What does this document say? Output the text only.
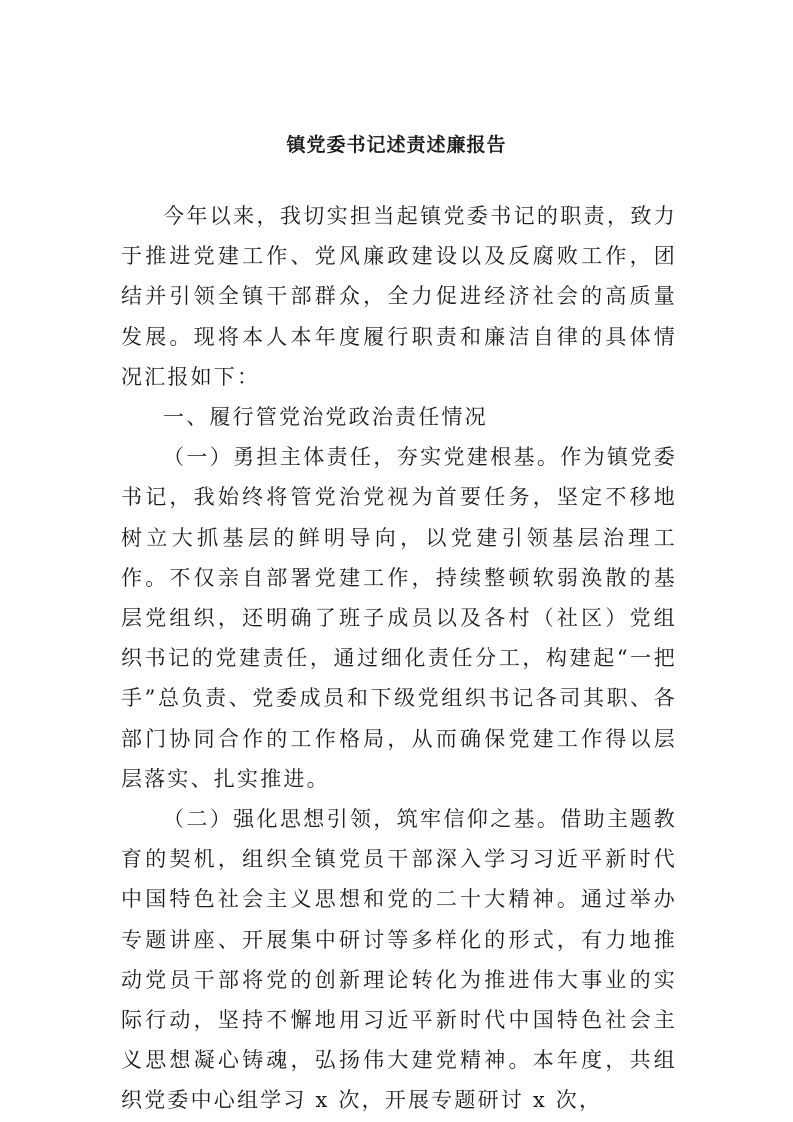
镇党委书记述责述廉报告

今年以来，我切实担当起镇党委书记的职责，致力于推进党建工作、党风廉政建设以及反腐败工作，团结并引领全镇干部群众，全力促进经济社会的高质量发展。现将本人本年度履行职责和廉洁自律的具体情况汇报如下：

一、履行管党治党政治责任情况

（一）勇担主体责任，夯实党建根基。作为镇党委书记，我始终将管党治党视为首要任务，坚定不移地树立大抓基层的鲜明导向，以党建引领基层治理工作。不仅亲自部署党建工作，持续整顿软弱涣散的基层党组织，还明确了班子成员以及各村（社区）党组织书记的党建责任，通过细化责任分工，构建起“一把手”总负责、党委成员和下级党组织书记各司其职、各部门协同合作的工作格局，从而确保党建工作得以层层落实、扎实推进。

（二）强化思想引领，筑牢信仰之基。借助主题教育的契机，组织全镇党员干部深入学习习近平新时代中国特色社会主义思想和党的二十大精神。通过举办专题讲座、开展集中研讨等多样化的形式，有力地推动党员干部将党的创新理论转化为推进伟大事业的实际行动，坚持不懈地用习近平新时代中国特色社会主义思想凝心铸魂，弘扬伟大建党精神。本年度，共组织党委中心组学习 x 次，开展专题研讨 x 次，
